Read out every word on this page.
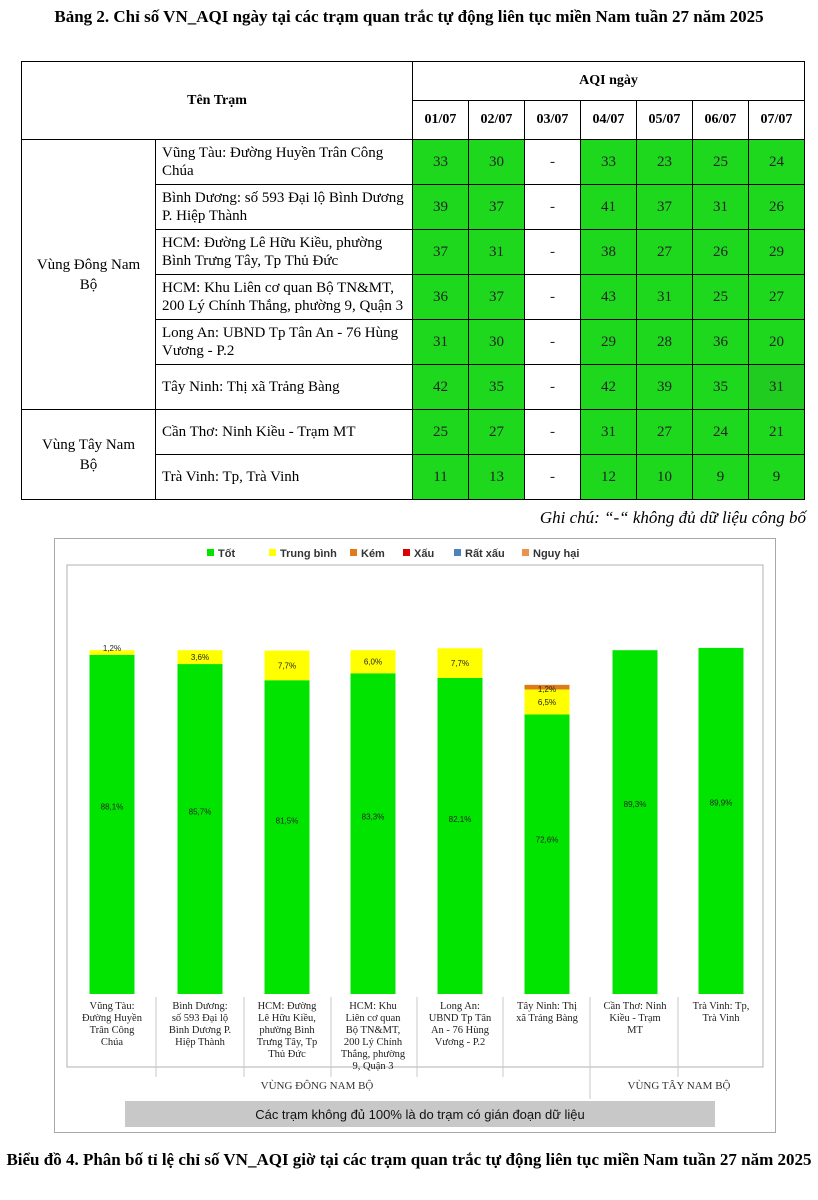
Bảng 2. Chỉ số VN_AQI ngày tại các trạm quan trắc tự động liên tục miền Nam tuần 27 năm 2025
Tên Trạm		AQI ngày						
		01/07	02/07	03/07	04/07	05/07	06/07	07/07
Vùng Đông Nam Bộ	Vũng Tàu: Đường Huyền Trân Công Chúa	33	30	-	33	23	25	24
	Bình Dương: số 593 Đại lộ Bình Dương P. Hiệp Thành	39	37	-	41	37	31	26
	HCM: Đường Lê Hữu Kiều, phường Bình Trưng Tây, Tp Thủ Đức	37	31	-	38	27	26	29
	HCM: Khu Liên cơ quan Bộ TN&MT, 200 Lý Chính Thắng, phường 9, Quận 3	36	37	-	43	31	25	27
	Long An: UBND Tp Tân An - 76 Hùng Vương - P.2	31	30	-	29	28	36	20
	Tây Ninh: Thị xã Trảng Bàng	42	35	-	42	39	35	31
Vùng Tây Nam Bộ	Cần Thơ: Ninh Kiều - Trạm MT	25	27	-	31	27	24	21
	Trà Vinh: Tp, Trà Vinh	11	13	-	12	10	9	9
Ghi chú: “-“ không đủ dữ liệu công bố
Tốt	Trung bình Kém	Xấu	Rất xấu	Nguy hại
88,1%
1,2%
Vũng Tàu:
Đường Huyền
Trân Công
Chúa
85,7%
3,6%
Bình Dương:
số 593 Đại lộ
Bình Dương P.
Hiệp Thành
81,5%
7,7%
HCM: Đường
Lê Hữu Kiều,
phường Bình
Trưng Tây, Tp
Thủ Đức
83,3%
6,0%
HCM: Khu
Liên cơ quan
Bộ TN&MT,
200 Lý Chính
Thắng, phường
9, Quận 3
82,1%
7,7%
Long An:
UBND Tp Tân
An - 76 Hùng
Vương - P.2
72,6%
6,5%
1,2%
Tây Ninh: Thị
xã Trảng Bàng
89,3%
Cần Thơ: Ninh
Kiều - Trạm
MT
89,9%
Trà Vinh: Tp,
Trà Vinh
VÙNG ĐÔNG NAM BỘ	VÙNG TÂY NAM BỘ
Các trạm không đủ 100% là do trạm có gián đoạn dữ liệu
Biểu đồ 4. Phân bố tỉ lệ chỉ số VN_AQI giờ tại các trạm quan trắc tự động liên tục miền Nam tuần 27 năm 2025
